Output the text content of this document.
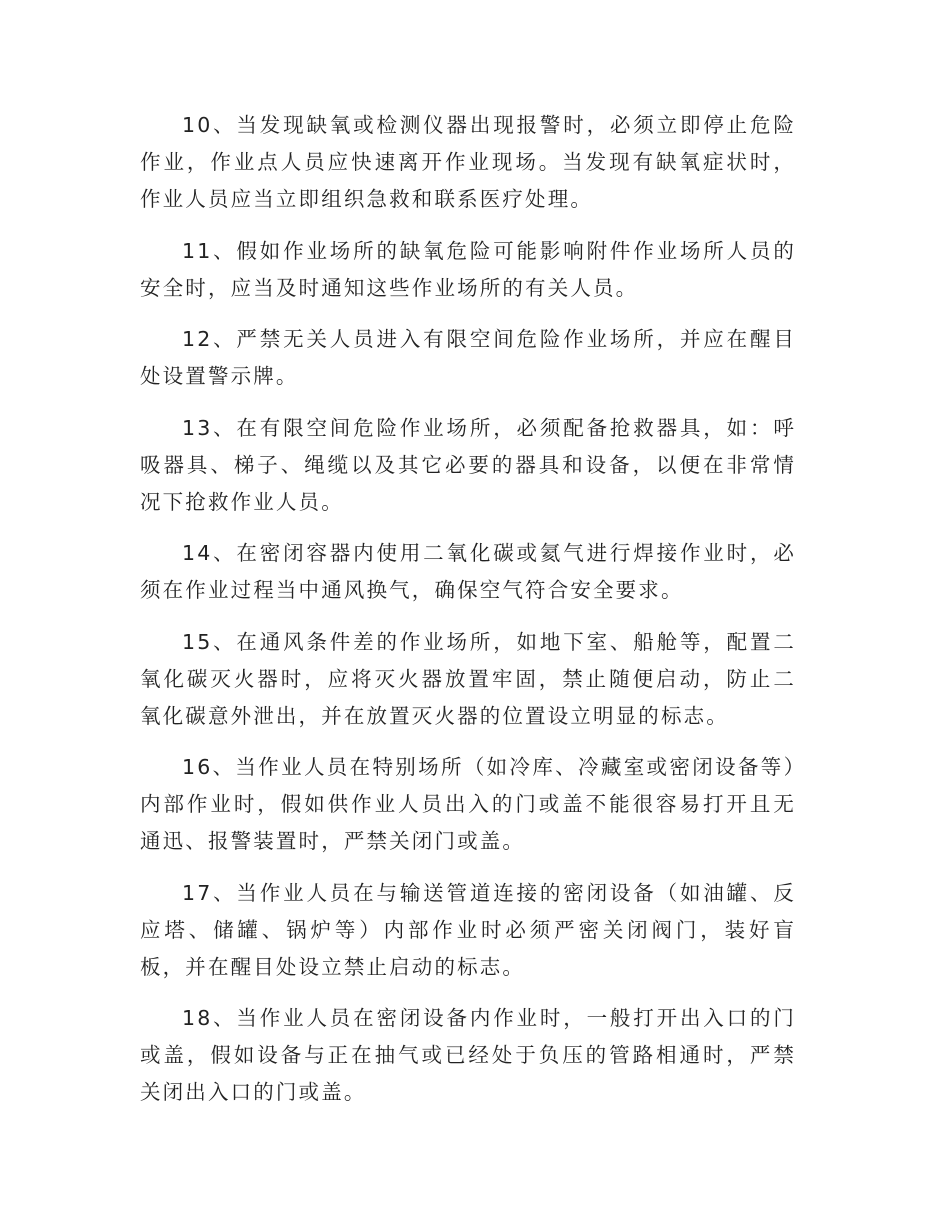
10、当发现缺氧或检测仪器出现报警时，必须立即停止危险作业，作业点人员应快速离开作业现场。当发现有缺氧症状时，作业人员应当立即组织急救和联系医疗处理。

11、假如作业场所的缺氧危险可能影响附件作业场所人员的安全时，应当及时通知这些作业场所的有关人员。

12、严禁无关人员进入有限空间危险作业场所，并应在醒目处设置警示牌。

13、在有限空间危险作业场所，必须配备抢救器具，如：呼吸器具、梯子、绳缆以及其它必要的器具和设备，以便在非常情况下抢救作业人员。

14、在密闭容器内使用二氧化碳或氦气进行焊接作业时，必须在作业过程当中通风换气，确保空气符合安全要求。

15、在通风条件差的作业场所，如地下室、船舱等，配置二氧化碳灭火器时，应将灭火器放置牢固，禁止随便启动，防止二氧化碳意外泄出，并在放置灭火器的位置设立明显的标志。

16、当作业人员在特别场所（如冷库、冷藏室或密闭设备等）内部作业时，假如供作业人员出入的门或盖不能很容易打开且无通迅、报警装置时，严禁关闭门或盖。

17、当作业人员在与输送管道连接的密闭设备（如油罐、反应塔、储罐、锅炉等）内部作业时必须严密关闭阀门，装好盲板，并在醒目处设立禁止启动的标志。

18、当作业人员在密闭设备内作业时，一般打开出入口的门或盖，假如设备与正在抽气或已经处于负压的管路相通时，严禁关闭出入口的门或盖。
